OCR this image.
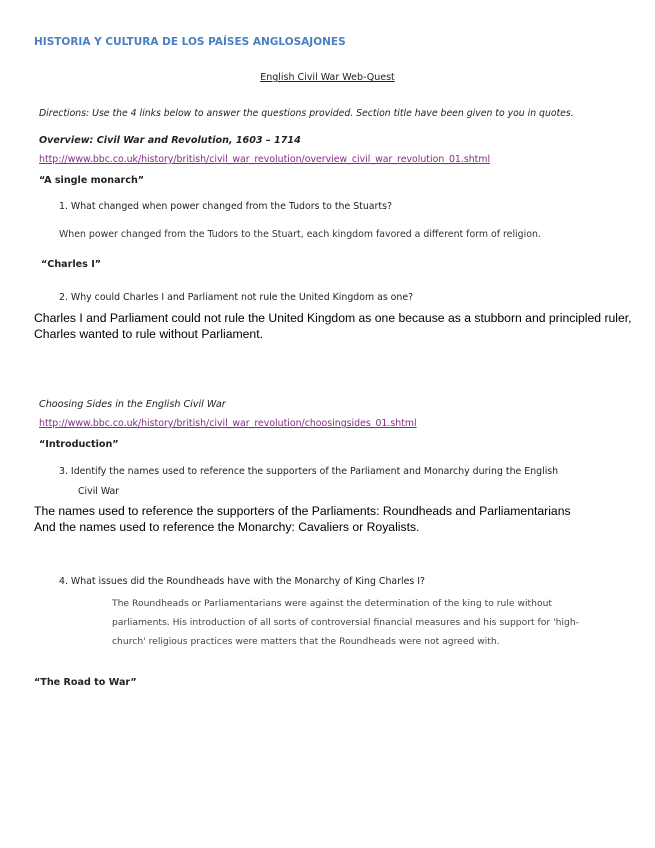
HISTORIA Y CULTURA DE LOS PAÍSES ANGLOSAJONES
English Civil War Web-Quest
Directions: Use the 4 links below to answer the questions provided. Section title have been given to you in quotes.
Overview: Civil War and Revolution, 1603 – 1714
http://www.bbc.co.uk/history/british/civil_war_revolution/overview_civil_war_revolution_01.shtml
“A single monarch”
1. What changed when power changed from the Tudors to the Stuarts?
When power changed from the Tudors to the Stuart, each kingdom favored a different form of religion.
“Charles I”
2. Why could Charles I and Parliament not rule the United Kingdom as one?
Charles I and Parliament could not rule the United Kingdom as one because as a stubborn and principled ruler,
Charles wanted to rule without Parliament.
Choosing Sides in the English Civil War
http://www.bbc.co.uk/history/british/civil_war_revolution/choosingsides_01.shtml
“Introduction”
3. Identify the names used to reference the supporters of the Parliament and Monarchy during the English
Civil War
The names used to reference the supporters of the Parliaments: Roundheads and Parliamentarians
And the names used to reference the Monarchy: Cavaliers or Royalists.
4. What issues did the Roundheads have with the Monarchy of King Charles I?
The Roundheads or Parliamentarians were against the determination of the king to rule without parliaments. His introduction of all sorts of controversial financial measures and his support for 'high-church' religious practices were matters that the Roundheads were not agreed with.
“The Road to War”
